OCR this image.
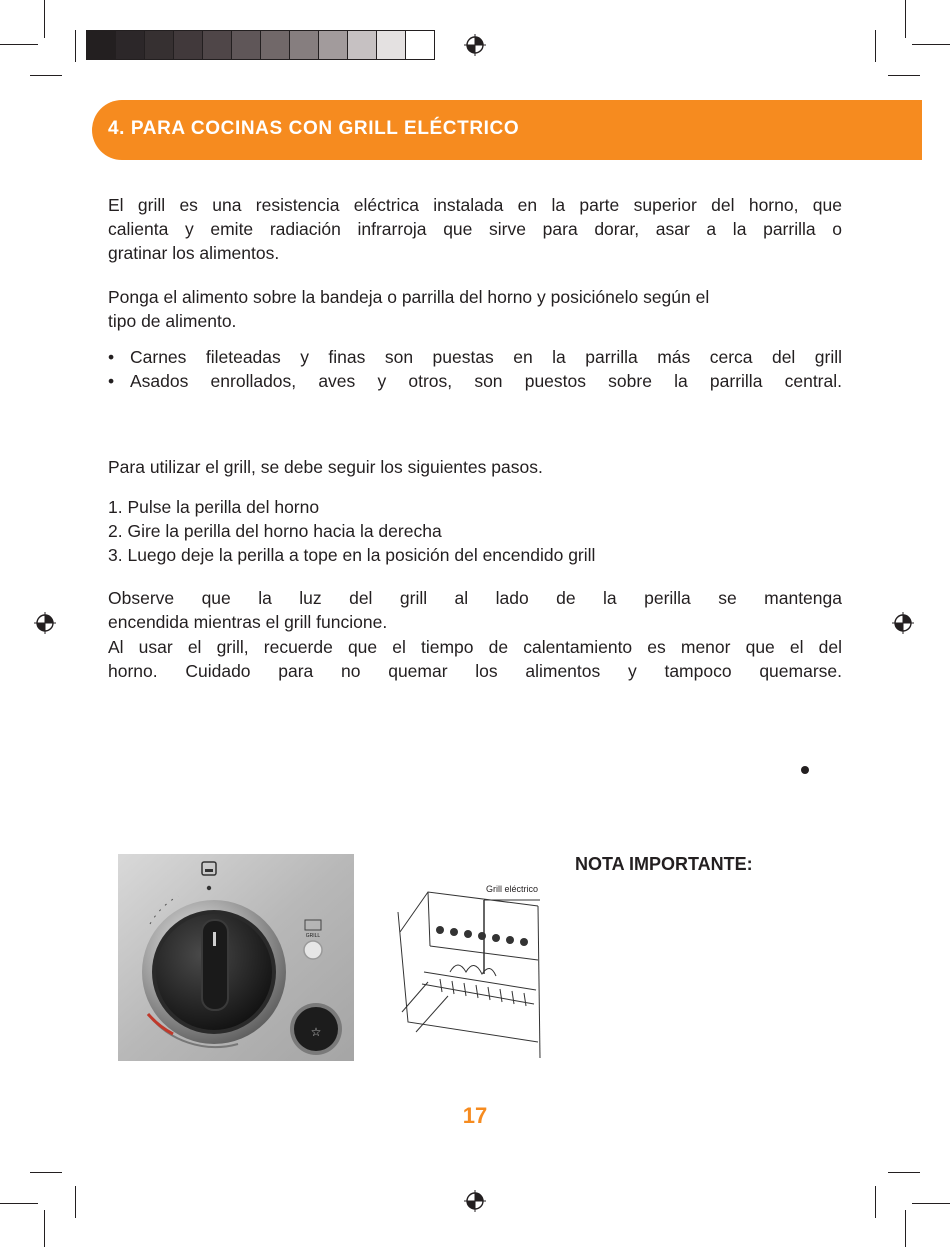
4. PARA COCINAS CON GRILL ELÉCTRICO
El grill es una resistencia eléctrica instalada en la parte superior del horno, que
calienta y emite radiación infrarroja que sirve para dorar, asar a la parrilla o
gratinar los alimentos.
Ponga el alimento sobre la bandeja o parrilla del horno y posiciónelo según el
tipo de alimento.
• Carnes fileteadas y finas son puestas en la parrilla más cerca del grill
• Asados enrollados, aves y otros, son puestos sobre la parrilla central.
Para utilizar el grill, se debe seguir los siguientes pasos.
1. Pulse la perilla del horno
2. Gire la perilla del horno hacia la derecha
3. Luego deje la perilla a tope en la posición del encendido grill
Observe que la luz del grill al lado de la perilla se mantenga
encendida mientras el grill funcione.
Al usar el grill, recuerde que el tiempo de calentamiento es menor que el del
horno. Cuidado para no quemar los alimentos y tampoco quemarse.
GRILL
☆
Grill eléctrico
NOTA IMPORTANTE:
17
